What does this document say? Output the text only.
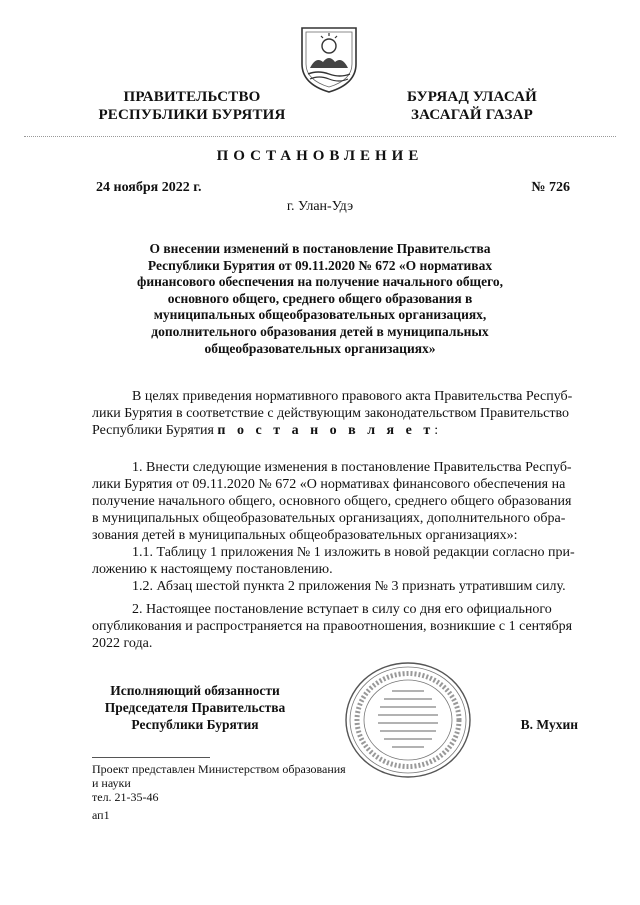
ПРАВИТЕЛЬСТВО
РЕСПУБЛИКИ БУРЯТИЯ
БУРЯАД УЛАСАЙ
ЗАСАГАЙ ГАЗАР
ПОСТАНОВЛЕНИЕ
24 ноября 2022 г.	№ 726
г. Улан-Удэ
О внесении изменений в постановление Правительства
Республики Бурятия от 09.11.2020 № 672 «О нормативах
финансового обеспечения на получение начального общего,
основного общего, среднего общего образования в
муниципальных общеобразовательных организациях,
дополнительного образования детей в муниципальных
общеобразовательных организациях»
В целях приведения нормативного правового акта Правительства Респуб-
лики Бурятия в соответствие с действующим законодательством Правительство
Республики Бурятия п о с т а н о в л я е т:
1. Внести следующие изменения в постановление Правительства Респуб-
лики Бурятия от 09.11.2020 № 672 «О нормативах финансового обеспечения на
получение начального общего, основного общего, среднего общего образования
в муниципальных общеобразовательных организациях, дополнительного обра-
зования детей в муниципальных общеобразовательных организациях»:
1.1. Таблицу 1 приложения № 1 изложить в новой редакции согласно при-
ложению к настоящему постановлению.
1.2. Абзац шестой пункта 2 приложения № 3 признать утратившим силу.
2. Настоящее постановление вступает в силу со дня его официального
опубликования и распространяется на правоотношения, возникшие с 1 сентября
2022 года.
Исполняющий обязанности
Председателя Правительства
Республики Бурятия	В. Мухин
Проект представлен Министерством образования
и науки
тел. 21-35-46
ап1
